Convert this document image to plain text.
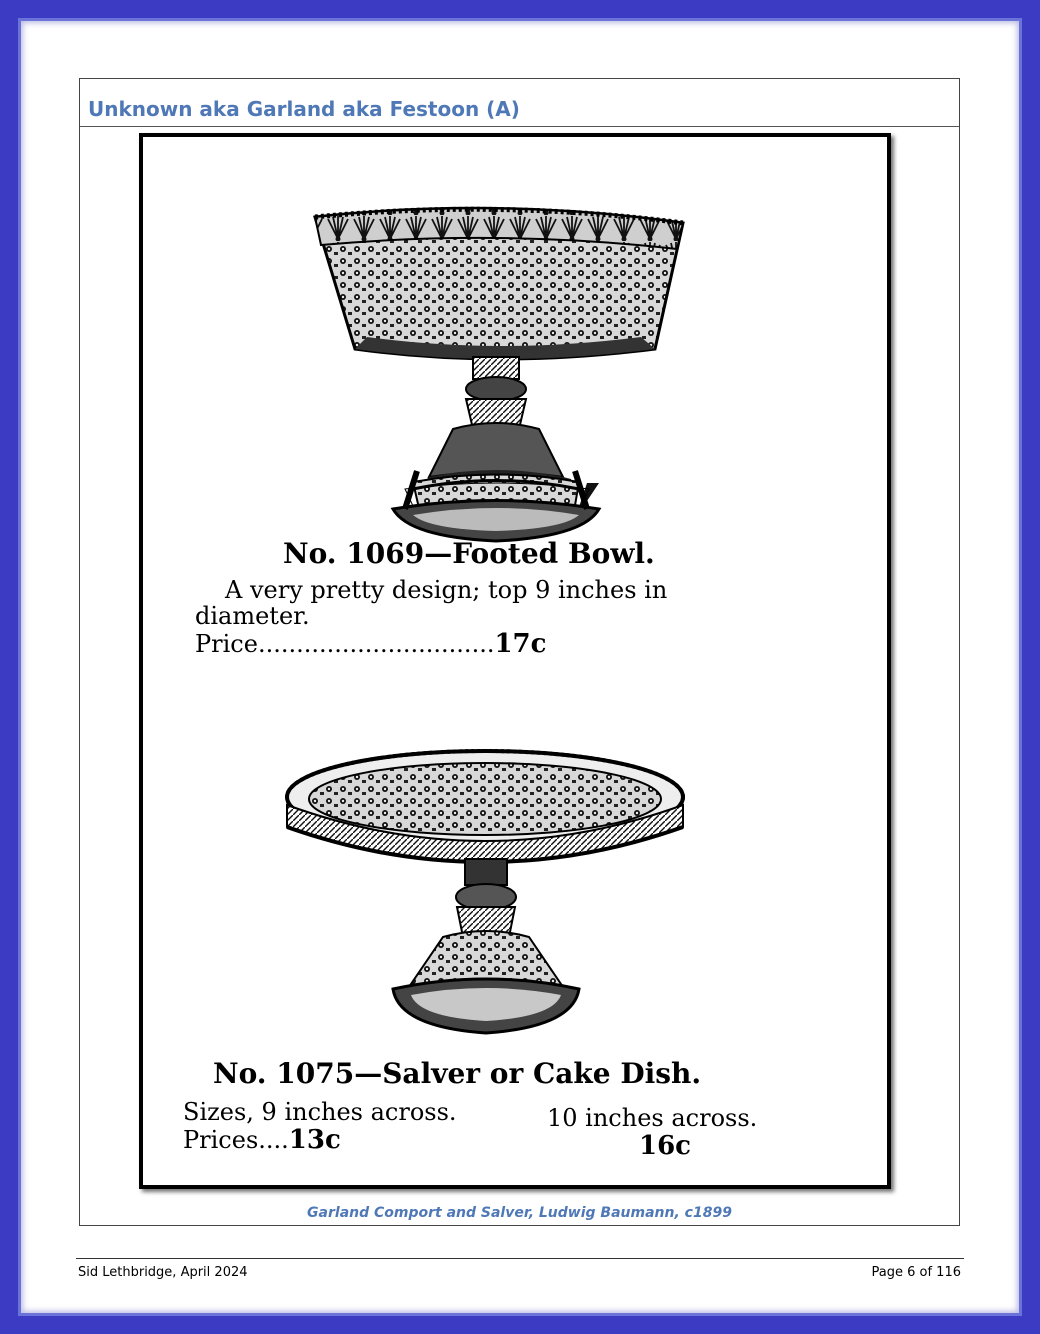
Unknown aka Garland aka Festoon (A)
No. 1069—Footed Bowl.
A very pretty design; top 9 inches in
diameter.
Price...............................17c
No. 1075—Salver or Cake Dish.
Sizes, 9 inches across.	10 inches across.
Prices....13c	16c
Garland Comport and Salver, Ludwig Baumann, c1899
Sid Lethbridge, April 2024	Page 6 of 116
